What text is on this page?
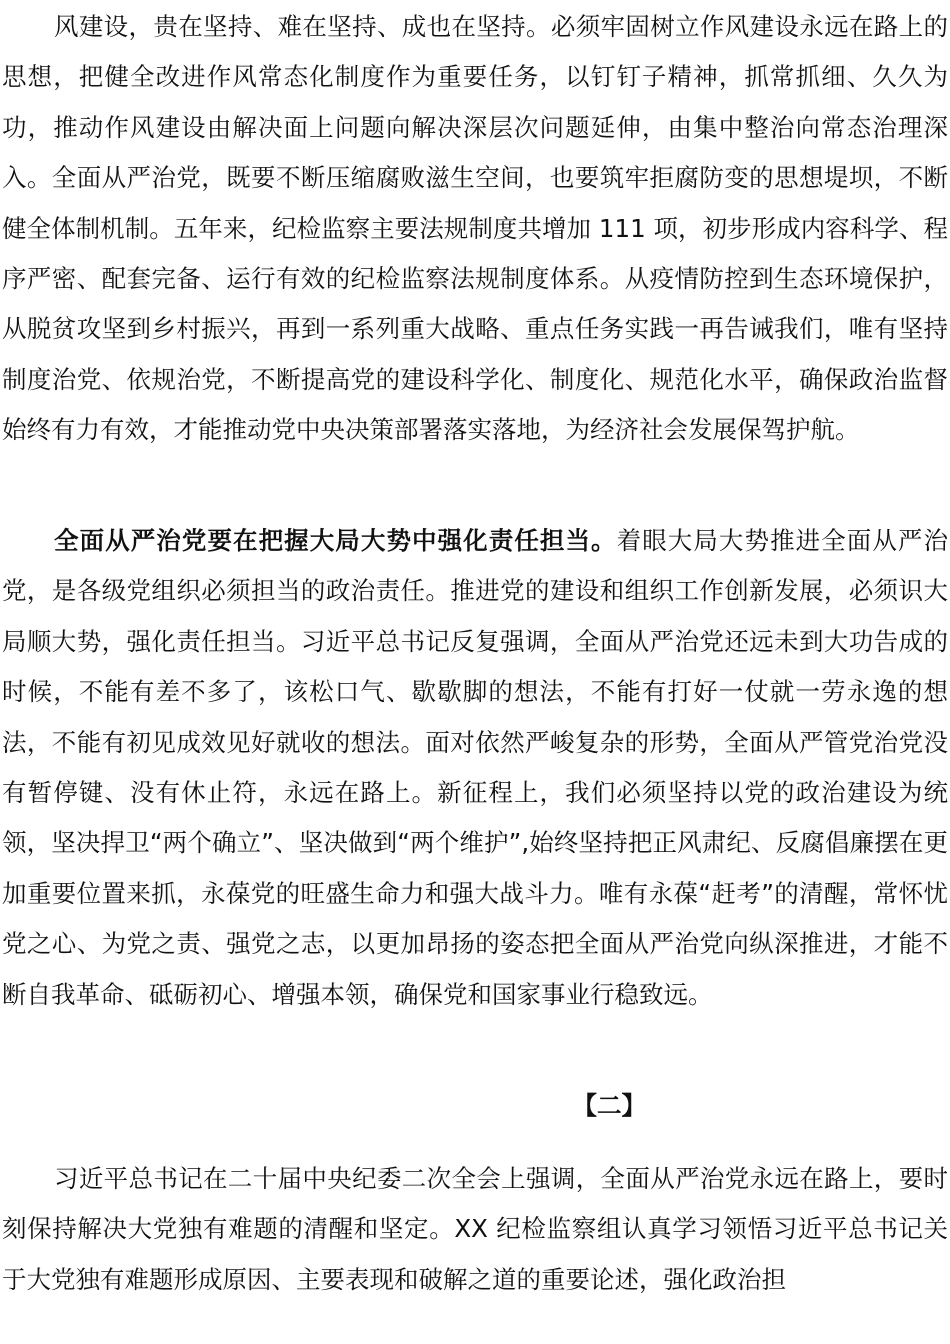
风建设，贵在坚持、难在坚持、成也在坚持。必须牢固树立作风建设永远在路上的思想，把健全改进作风常态化制度作为重要任务，以钉钉子精神，抓常抓细、久久为功，推动作风建设由解决面上问题向解决深层次问题延伸，由集中整治向常态治理深入。全面从严治党，既要不断压缩腐败滋生空间，也要筑牢拒腐防变的思想堤坝，不断健全体制机制。五年来，纪检监察主要法规制度共增加 111 项，初步形成内容科学、程序严密、配套完备、运行有效的纪检监察法规制度体系。从疫情防控到生态环境保护，从脱贫攻坚到乡村振兴，再到一系列重大战略、重点任务实践一再告诫我们，唯有坚持制度治党、依规治党，不断提高党的建设科学化、制度化、规范化水平，确保政治监督始终有力有效，才能推动党中央决策部署落实落地，为经济社会发展保驾护航。

全面从严治党要在把握大局大势中强化责任担当。着眼大局大势推进全面从严治党，是各级党组织必须担当的政治责任。推进党的建设和组织工作创新发展，必须识大局顺大势，强化责任担当。习近平总书记反复强调，全面从严治党还远未到大功告成的时候，不能有差不多了，该松口气、歇歇脚的想法，不能有打好一仗就一劳永逸的想法，不能有初见成效见好就收的想法。面对依然严峻复杂的形势，全面从严管党治党没有暂停键、没有休止符，永远在路上。新征程上，我们必须坚持以党的政治建设为统领，坚决捍卫“两个确立”、坚决做到“两个维护”,始终坚持把正风肃纪、反腐倡廉摆在更加重要位置来抓，永葆党的旺盛生命力和强大战斗力。唯有永葆“赶考”的清醒，常怀忧党之心、为党之责、强党之志，以更加昂扬的姿态把全面从严治党向纵深推进，才能不断自我革命、砥砺初心、增强本领，确保党和国家事业行稳致远。

【二】

习近平总书记在二十届中央纪委二次全会上强调，全面从严治党永远在路上，要时刻保持解决大党独有难题的清醒和坚定。XX 纪检监察组认真学习领悟习近平总书记关于大党独有难题形成原因、主要表现和破解之道的重要论述，强化政治担
